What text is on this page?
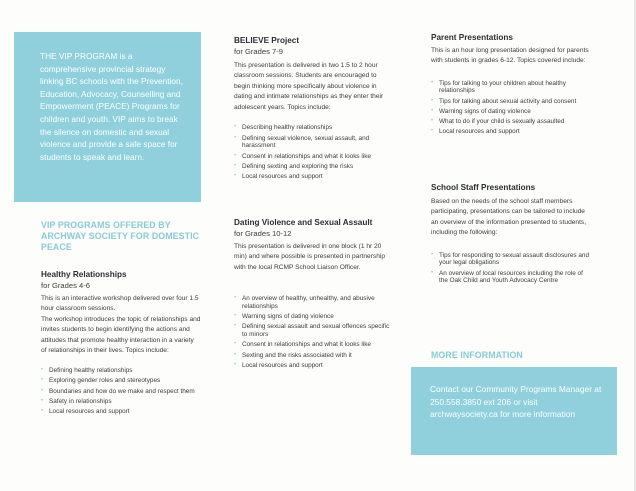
THE VIP PROGRAM is a comprehensive provincial strategy linking BC schools with the Prevention, Education, Advocacy, Counselling and Empowerment (PEACE) Programs for children and youth. VIP aims to break the silence on domestic and sexual violence and provide a safe space for students to speak and learn.
VIP PROGRAMS OFFERED BY ARCHWAY SOCIETY FOR DOMESTIC PEACE
Healthy Relationships
for Grades 4-6
This is an interactive workshop delivered over four 1.5 hour classroom sessions.
The workshop introduces the topic of relationships and invites students to begin identifying the actions and attitudes that promote healthy interaction in a variety of relationships in their lives. Topics include:
• Defining healthy relationships
• Exploring gender roles and stereotypes
• Boundaries and how do we make and respect them
• Safety in relationships
• Local resources and support
BELIEVE Project
for Grades 7-9
This presentation is delivered in two 1.5 to 2 hour classroom sessions. Students are encouraged to begin thinking more specifically about violence in dating and intimate relationships as they enter their adolescent years. Topics include:
• Describing healthy relationships
• Defining sexual violence, sexual assault, and harassment
• Consent in relationships and what it looks like
• Defining sexting and exploring the risks
• Local resources and support
Dating Violence and Sexual Assault
for Grades 10-12
This presentation is delivered in one block (1 hr 20 min) and where possible is presented in partnership with the local RCMP School Liaison Officer.
• An overview of healthy, unhealthy, and abusive relationships
• Warning signs of dating violence
• Defining sexual assault and sexual offences specific to minors
• Consent in relationships and what it looks like
• Sexting and the risks associated with it
• Local resources and support
Parent Presentations
This is an hour long presentation designed for parents with students in grades 6-12. Topics covered include:
• Tips for talking to your children about healthy relationships
• Tips for talking about sexual activity and consent
• Warning signs of dating violence
• What to do if your child is sexually assaulted
• Local resources and support
School Staff Presentations
Based on the needs of the school staff members participating, presentations can be tailored to include an overview of the information presented to students, including the following:
• Tips for responding to sexual assault disclosures and your legal obligations
• An overview of local resources including the role of the Oak Child and Youth Advocacy Centre
MORE INFORMATION
Contact our Community Programs Manager at 250.558.3850 ext 206 or visit archwaysociety.ca for more information
